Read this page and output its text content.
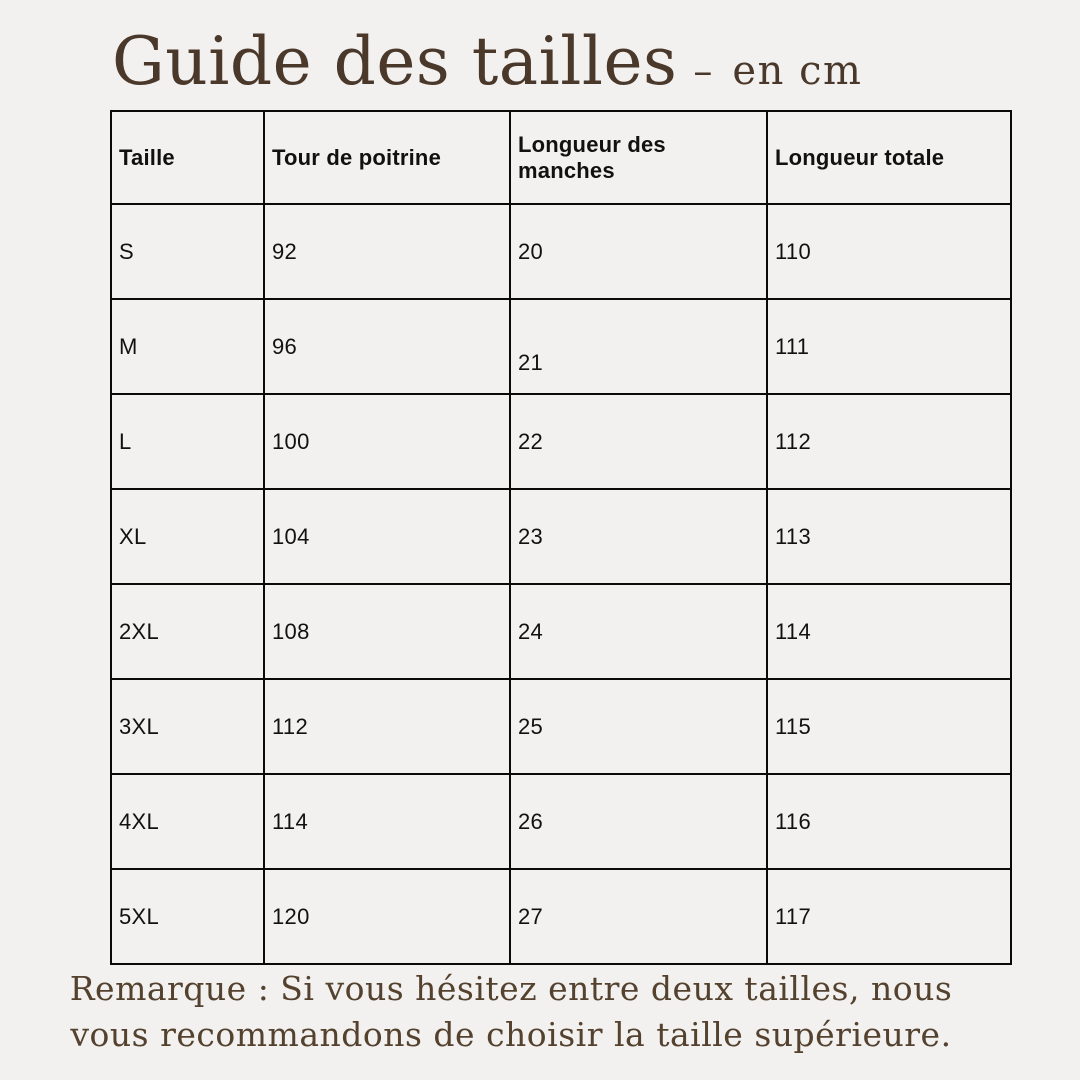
Guide des tailles – en cm
Taille	Tour de poitrine	Longueur des manches	Longueur totale
S	92	20	110
M	96	21	111
L	100	22	112
XL	104	23	113
2XL	108	24	114
3XL	112	25	115
4XL	114	26	116
5XL	120	27	117
Remarque : Si vous hésitez entre deux tailles, nous
vous recommandons de choisir la taille supérieure.
